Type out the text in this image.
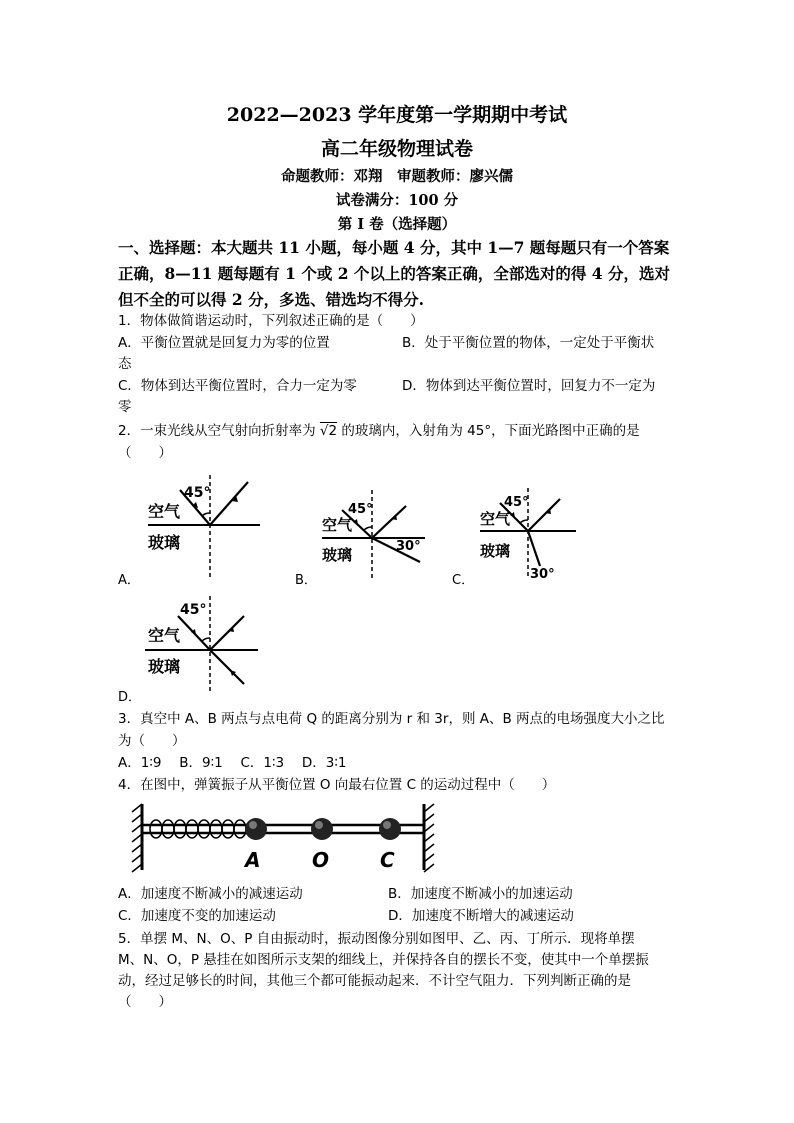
2022—2023 学年度第一学期期中考试
高二年级物理试卷
命题教师：邓翔　审题教师：廖兴儒
试卷满分：100 分
第 I 卷（选择题）
一、选择题：本大题共 11 小题，每小题 4 分，其中 1—7 题每题只有一个答案
正确，8—11 题每题有 1 个或 2 个以上的答案正确，全部选对的得 4 分，选对
但不全的可以得 2 分，多选、错选均不得分.
1．物体做简谐运动时，下列叙述正确的是（　　）
A．平衡位置就是回复力为零的位置	B．处于平衡位置的物体，一定处于平衡状
态
C．物体到达平衡位置时，合力一定为零	D．物体到达平衡位置时，回复力不一定为
零
2．一束光线从空气射向折射率为 √2 的玻璃内，入射角为 45°，下面光路图中正确的是
（　　）
45°
空气
玻璃
A．
45°
空气
玻璃	30°
B．
45°
空气
玻璃
30°
C．
45°
空气
玻璃
D．
3．真空中 A、B 两点与点电荷 Q 的距离分别为 r 和 3r，则 A、B 两点的电场强度大小之比
为（　　）
A．1∶9　 B．9∶1　 C．1∶3　 D．3∶1
4．在图中，弹簧振子从平衡位置 O 向最右位置 C 的运动过程中（　　）
A	O	C
A．加速度不断减小的减速运动	B．加速度不断减小的加速运动
C．加速度不变的加速运动	D．加速度不断增大的减速运动
5．单摆 M、N、O、P 自由振动时，振动图像分别如图甲、乙、丙、丁所示．现将单摆
M、N、O，P 悬挂在如图所示支架的细线上，并保持各自的摆长不变，使其中一个单摆振
动，经过足够长的时间，其他三个都可能振动起来．不计空气阻力．下列判断正确的是
（　　）
